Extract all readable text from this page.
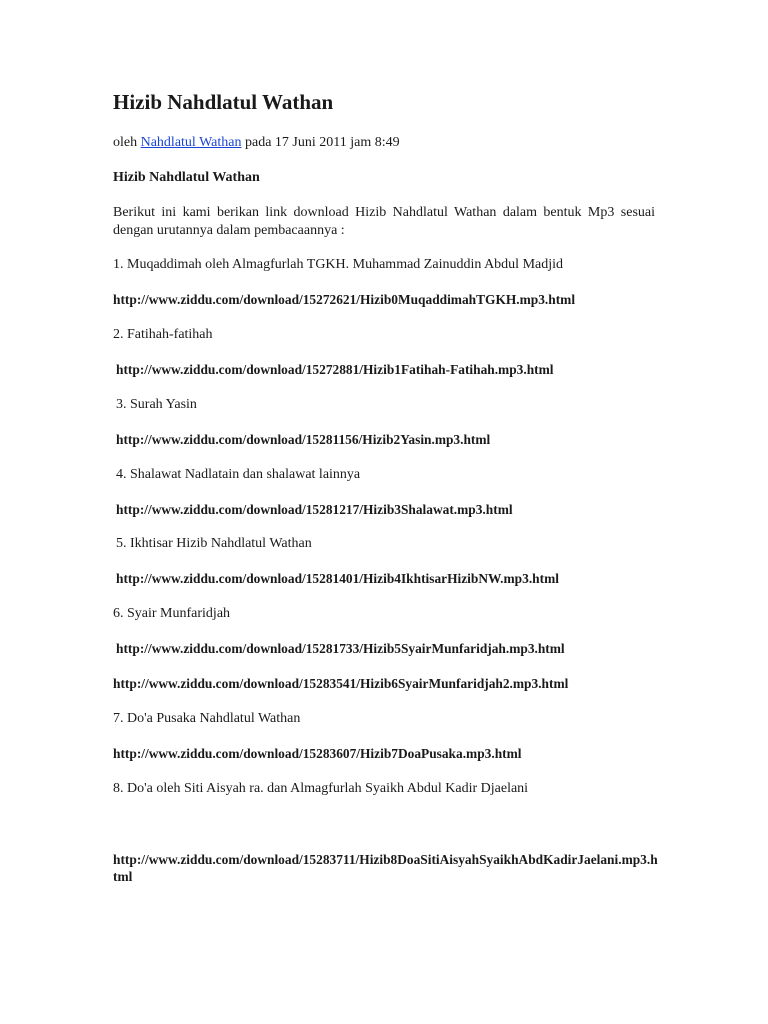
Hizib Nahdlatul Wathan
oleh Nahdlatul Wathan pada 17 Juni 2011 jam 8:49
Hizib Nahdlatul Wathan

Berikut ini kami berikan link download Hizib Nahdlatul Wathan dalam bentuk Mp3 sesuai dengan urutannya dalam pembacaannya :

1. Muqaddimah oleh Almagfurlah TGKH. Muhammad Zainuddin Abdul Madjid
http://www.ziddu.com/download/15272621/Hizib0MuqaddimahTGKH.mp3.html
2. Fatihah-fatihah
http://www.ziddu.com/download/15272881/Hizib1Fatihah-Fatihah.mp3.html
3. Surah Yasin
http://www.ziddu.com/download/15281156/Hizib2Yasin.mp3.html
4. Shalawat Nadlatain dan shalawat lainnya
http://www.ziddu.com/download/15281217/Hizib3Shalawat.mp3.html
5. Ikhtisar Hizib Nahdlatul Wathan
http://www.ziddu.com/download/15281401/Hizib4IkhtisarHizibNW.mp3.html
6. Syair Munfaridjah
http://www.ziddu.com/download/15281733/Hizib5SyairMunfaridjah.mp3.html
http://www.ziddu.com/download/15283541/Hizib6SyairMunfaridjah2.mp3.html
7. Do'a Pusaka Nahdlatul Wathan
http://www.ziddu.com/download/15283607/Hizib7DoaPusaka.mp3.html
8. Do'a oleh Siti Aisyah ra. dan Almagfurlah Syaikh Abdul Kadir Djaelani
http://www.ziddu.com/download/15283711/Hizib8DoaSitiAisyahSyaikhAbdKadirJaelani.mp3.html
